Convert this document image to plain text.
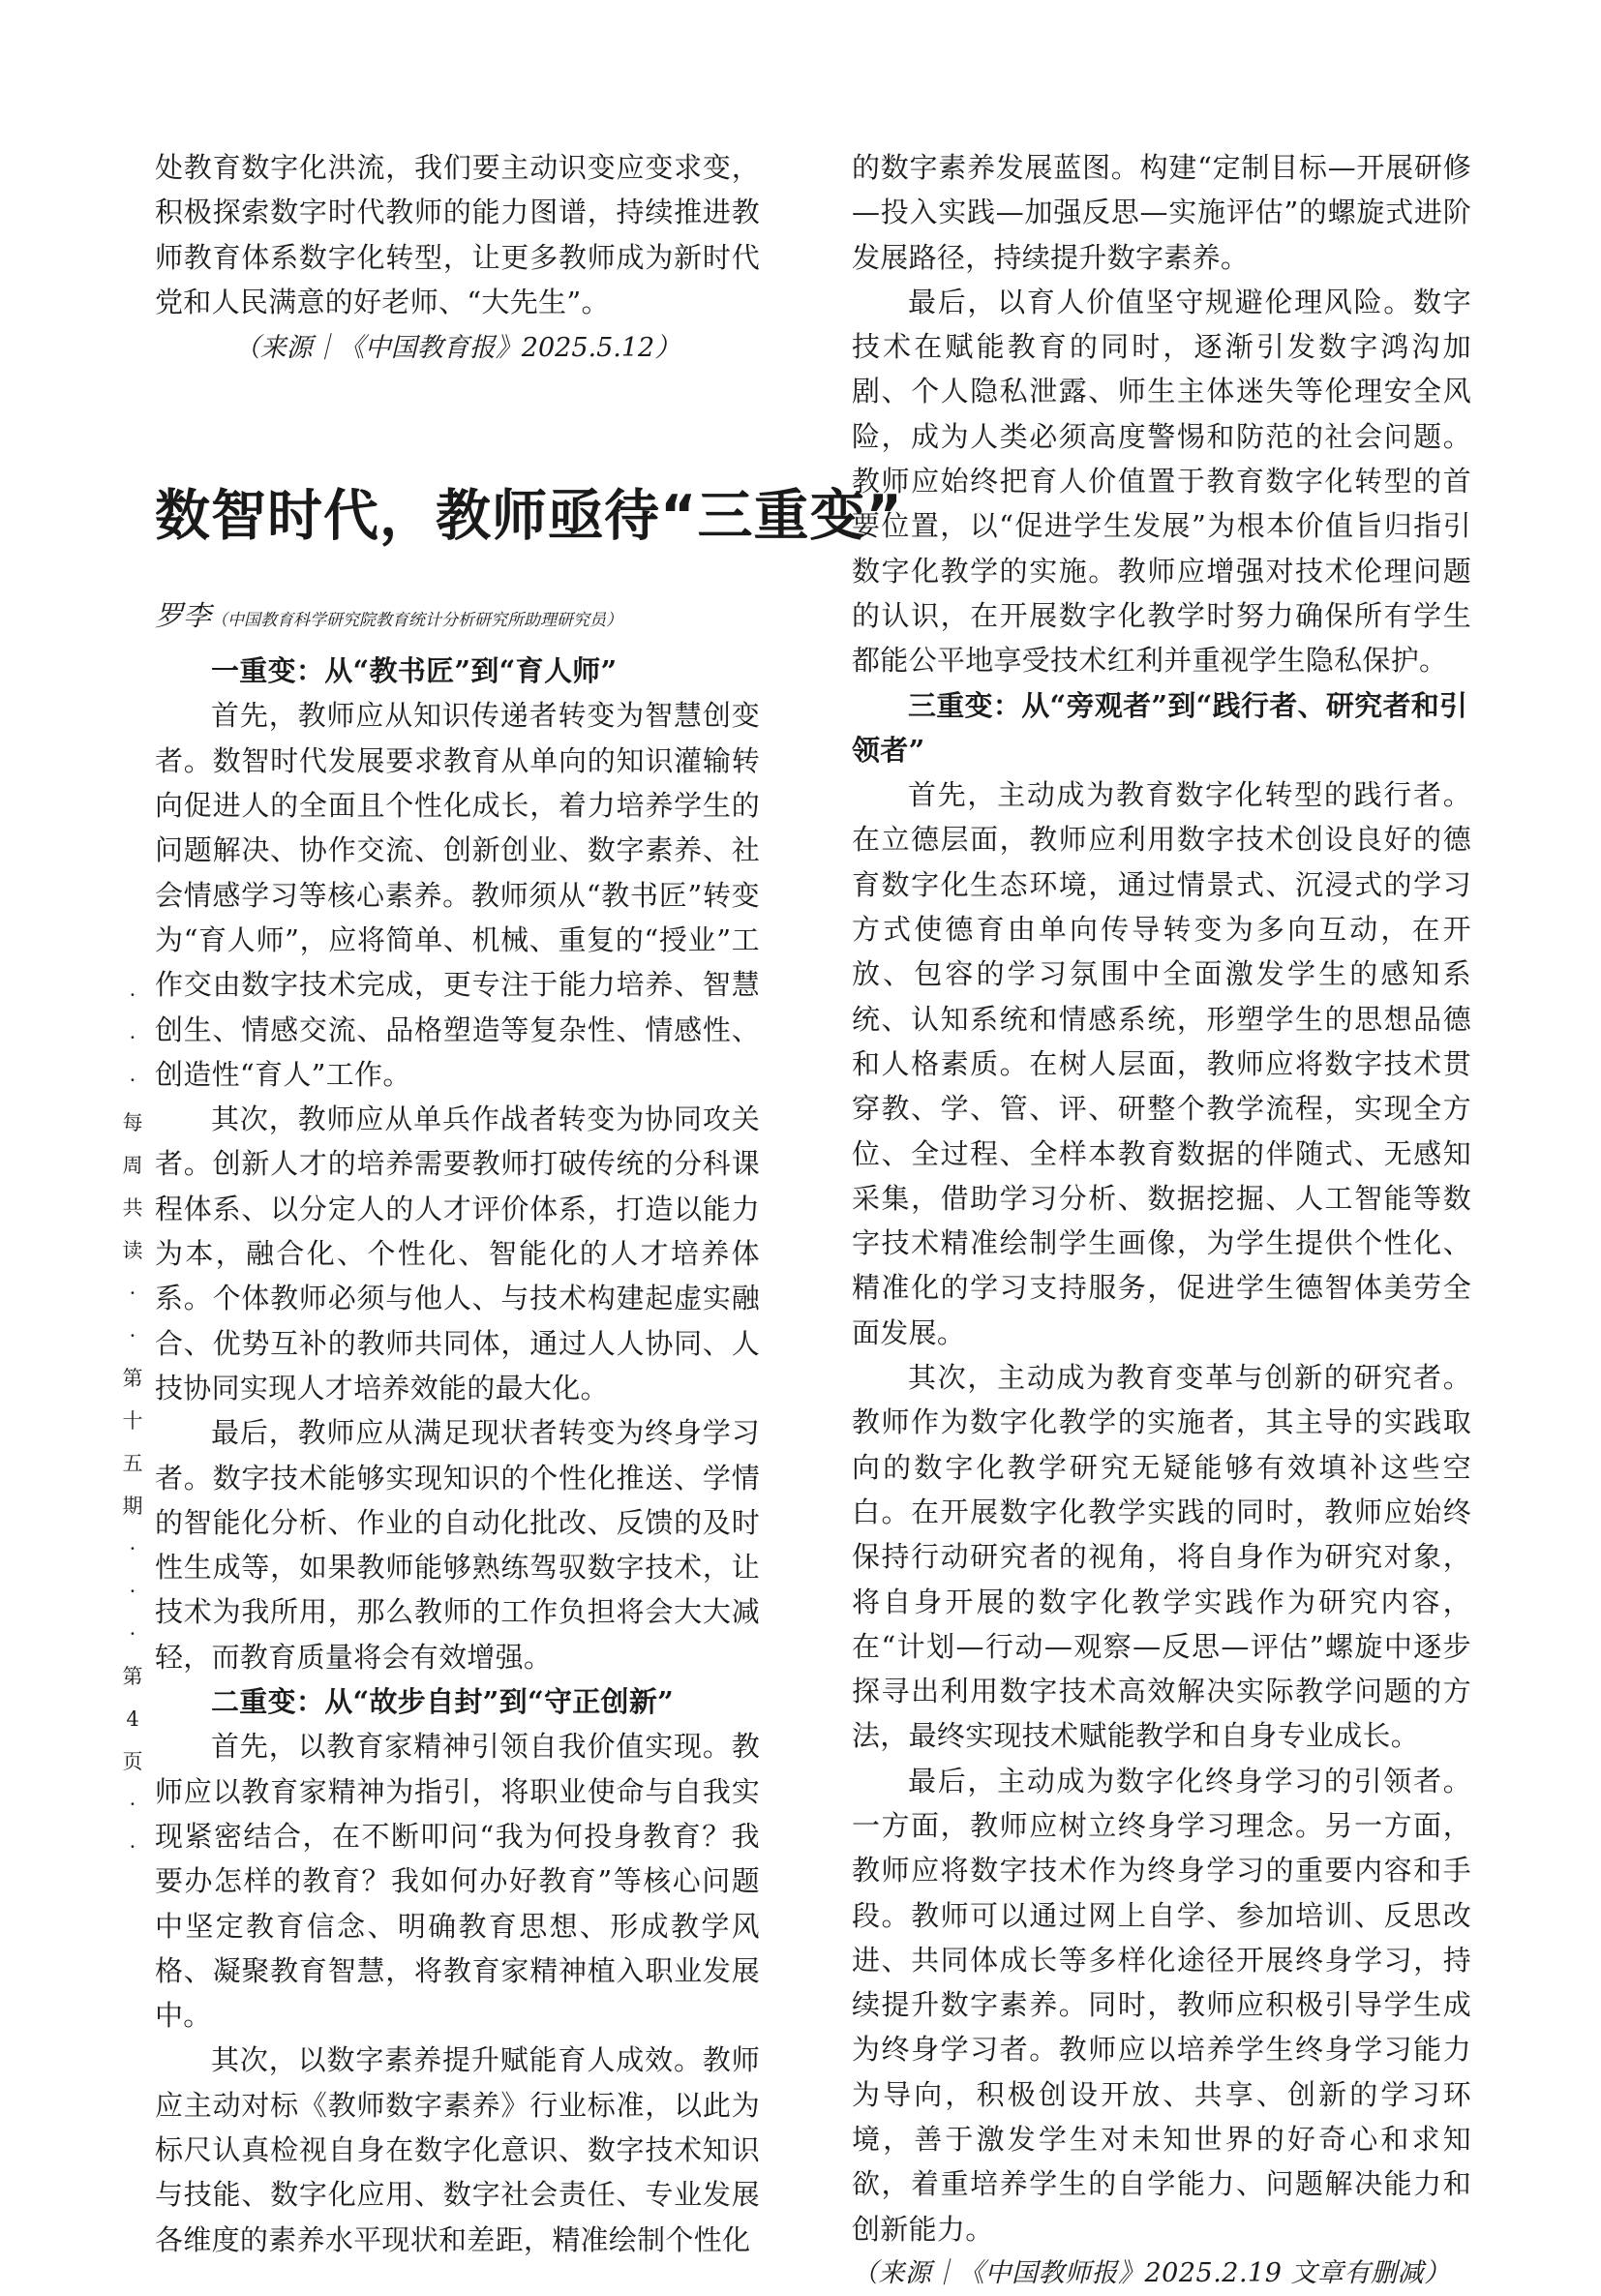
处教育数字化洪流，我们要主动识变应变求变，积极探索数字时代教师的能力图谱，持续推进教师教育体系数字化转型，让更多教师成为新时代党和人民满意的好老师、“大先生”。

（来源｜《中国教育报》2025.5.12）

数智时代，教师亟待“三重变”
罗李（中国教育科学研究院教育统计分析研究所助理研究员）
一重变：从“教书匠”到“育人师”

首先，教师应从知识传递者转变为智慧创变者。数智时代发展要求教育从单向的知识灌输转向促进人的全面且个性化成长，着力培养学生的问题解决、协作交流、创新创业、数字素养、社会情感学习等核心素养。教师须从“教书匠”转变为“育人师”，应将简单、机械、重复的“授业”工作交由数字技术完成，更专注于能力培养、智慧创生、情感交流、品格塑造等复杂性、情感性、创造性“育人”工作。

其次，教师应从单兵作战者转变为协同攻关者。创新人才的培养需要教师打破传统的分科课程体系、以分定人的人才评价体系，打造以能力为本，融合化、个性化、智能化的人才培养体系。个体教师必须与他人、与技术构建起虚实融合、优势互补的教师共同体，通过人人协同、人技协同实现人才培养效能的最大化。

最后，教师应从满足现状者转变为终身学习者。数字技术能够实现知识的个性化推送、学情的智能化分析、作业的自动化批改、反馈的及时性生成等，如果教师能够熟练驾驭数字技术，让技术为我所用，那么教师的工作负担将会大大减轻，而教育质量将会有效增强。

二重变：从“故步自封”到“守正创新”

首先，以教育家精神引领自我价值实现。教师应以教育家精神为指引，将职业使命与自我实现紧密结合，在不断叩问“我为何投身教育？我要办怎样的教育？我如何办好教育”等核心问题中坚定教育信念、明确教育思想、形成教学风格、凝聚教育智慧，将教育家精神植入职业发展中。

其次，以数字素养提升赋能育人成效。教师应主动对标《教师数字素养》行业标准，以此为标尺认真检视自身在数字化意识、数字技术知识与技能、数字化应用、数字社会责任、专业发展各维度的素养水平现状和差距，精准绘制个性化

的数字素养发展蓝图。构建“定制目标—开展研修—投入实践—加强反思—实施评估”的螺旋式进阶发展路径，持续提升数字素养。

最后，以育人价值坚守规避伦理风险。数字技术在赋能教育的同时，逐渐引发数字鸿沟加剧、个人隐私泄露、师生主体迷失等伦理安全风险，成为人类必须高度警惕和防范的社会问题。教师应始终把育人价值置于教育数字化转型的首要位置，以“促进学生发展”为根本价值旨归指引数字化教学的实施。教师应增强对技术伦理问题的认识，在开展数字化教学时努力确保所有学生都能公平地享受技术红利并重视学生隐私保护。

三重变：从“旁观者”到“践行者、研究者和引领者”

首先，主动成为教育数字化转型的践行者。在立德层面，教师应利用数字技术创设良好的德育数字化生态环境，通过情景式、沉浸式的学习方式使德育由单向传导转变为多向互动，在开放、包容的学习氛围中全面激发学生的感知系统、认知系统和情感系统，形塑学生的思想品德和人格素质。在树人层面，教师应将数字技术贯穿教、学、管、评、研整个教学流程，实现全方位、全过程、全样本教育数据的伴随式、无感知采集，借助学习分析、数据挖掘、人工智能等数字技术精准绘制学生画像，为学生提供个性化、精准化的学习支持服务，促进学生德智体美劳全面发展。

其次，主动成为教育变革与创新的研究者。教师作为数字化教学的实施者，其主导的实践取向的数字化教学研究无疑能够有效填补这些空白。在开展数字化教学实践的同时，教师应始终保持行动研究者的视角，将自身作为研究对象，将自身开展的数字化教学实践作为研究内容，在“计划—行动—观察—反思—评估”螺旋中逐步探寻出利用数字技术高效解决实际教学问题的方法，最终实现技术赋能教学和自身专业成长。

最后，主动成为数字化终身学习的引领者。一方面，教师应树立终身学习理念。另一方面，教师应将数字技术作为终身学习的重要内容和手段。教师可以通过网上自学、参加培训、反思改进、共同体成长等多样化途径开展终身学习，持续提升数字素养。同时，教师应积极引导学生成为终身学习者。教师应以培养学生终身学习能力为导向，积极创设开放、共享、创新的学习环境，善于激发学生对未知世界的好奇心和求知欲，着重培养学生的自学能力、问题解决能力和创新能力。

（来源｜《中国教师报》2025.2.19 文章有删减）

·
·
·
每
周
共
读
·
·
第
十
五
期
·
·
·
第
4
页
·
·
